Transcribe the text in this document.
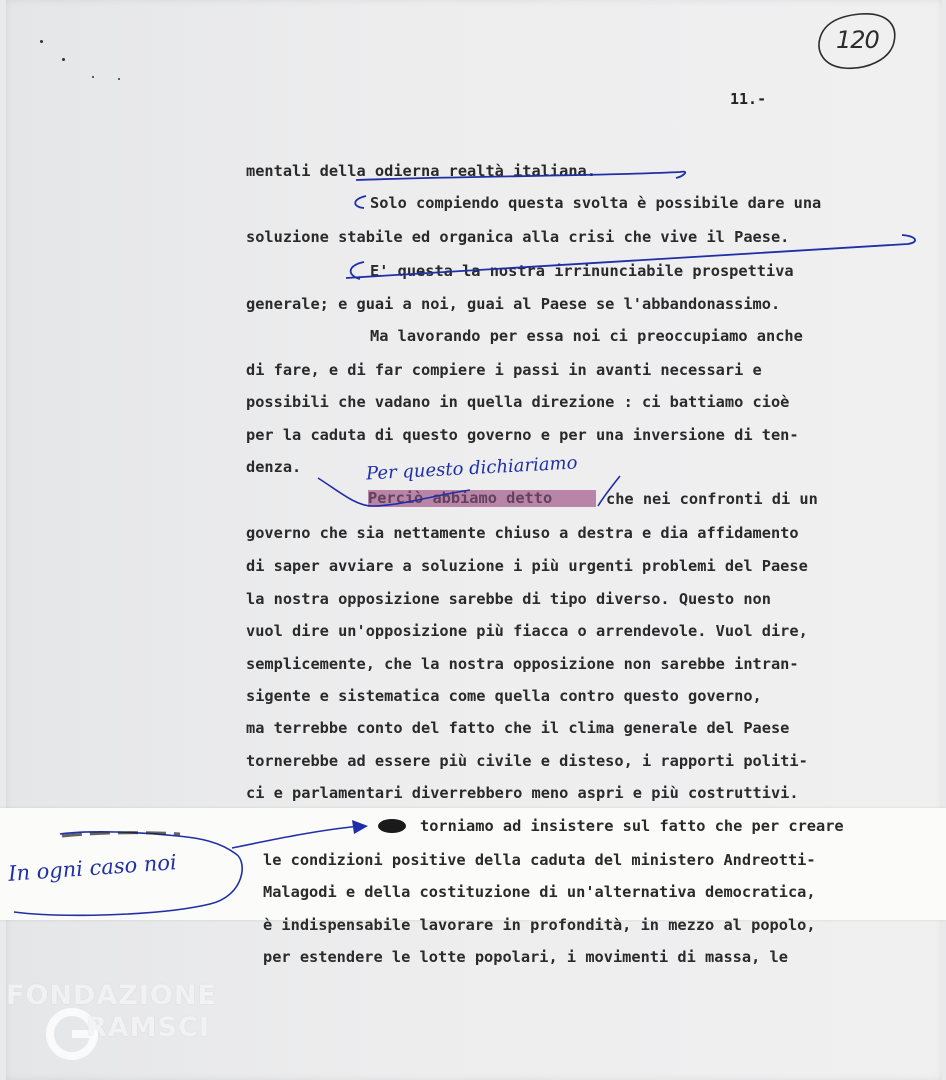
120
11.-
mentali della odierna realtà italiana.
Solo compiendo questa svolta è possibile dare una
soluzione stabile ed organica alla crisi che vive il Paese.
E' questa la nostra irrinunciabile prospettiva
generale; e guai a noi, guai al Paese se l'abbandonassimo.
Ma lavorando per essa noi ci preoccupiamo anche
di fare, e di far compiere i passi in avanti necessari e
possibili che vadano in quella direzione : ci battiamo cioè
per la caduta di questo governo e per una inversione di ten-
denza.
Perciò abbiamo detto	che nei confronti di un
governo che sia nettamente chiuso a destra e dia affidamento
di saper avviare a soluzione i più urgenti problemi del Paese
la nostra opposizione sarebbe di tipo diverso. Questo non
vuol dire un'opposizione più fiacca o arrendevole. Vuol dire,
semplicemente, che la nostra opposizione non sarebbe intran-
sigente e sistematica come quella contro questo governo,
ma terrebbe conto del fatto che il clima generale del Paese
tornerebbe ad essere più civile e disteso, i rapporti politi-
ci e parlamentari diverrebbero meno aspri e più costruttivi.
torniamo ad insistere sul fatto che per creare
le condizioni positive della caduta del ministero Andreotti-
Malagodi e della costituzione di un'alternativa democratica,
è indispensabile lavorare in profondità, in mezzo al popolo,
per estendere le lotte popolari, i movimenti di massa, le
Per questo dichiariamo
In ogni caso noi
FONDAZIONE
RAMSCI
